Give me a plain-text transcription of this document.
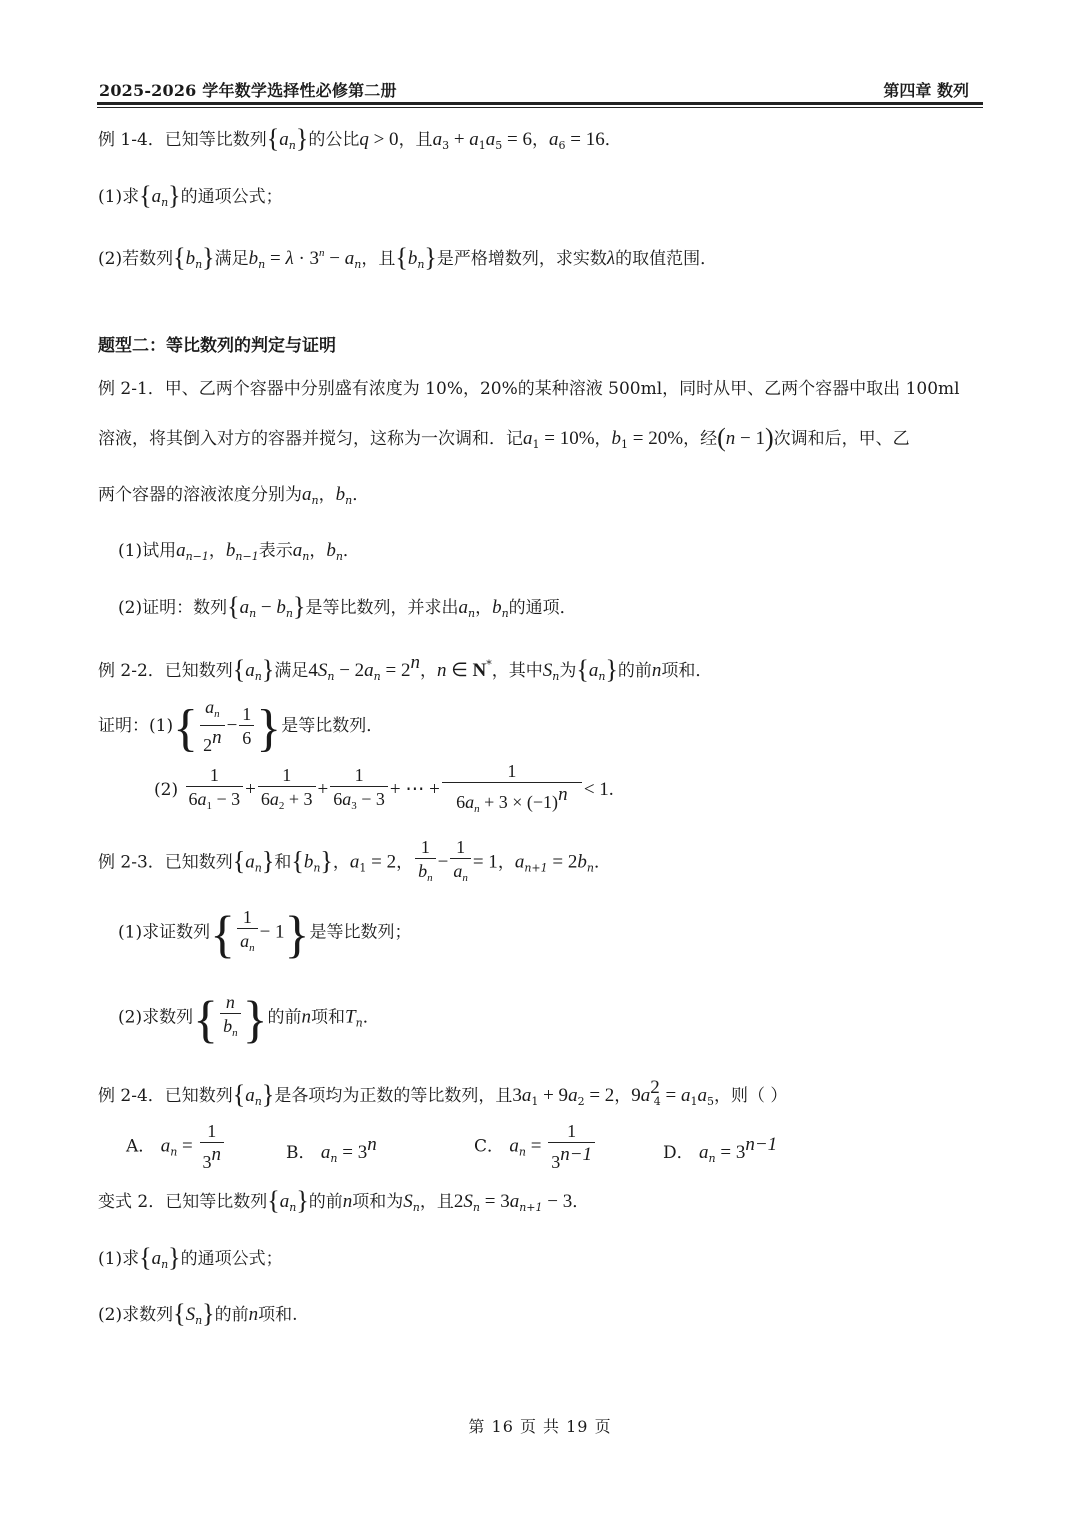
2025-2026 学年数学选择性必修第二册	第四章 数列
例 1-4．已知等比数列$\{a_n\}$的公比q > 0，且$a_3 + a_1a_5 = 6$，$a_6 = 16$．
(1)求$\{a_n\}$的通项公式；
(2)若数列$\{b_n\}$满足$b_n = \lambda \cdot 3^n - a_n$，且$\{b_n\}$是严格增数列，求实数λ的取值范围．
题型二：等比数列的判定与证明
例 2-1．甲、乙两个容器中分别盛有浓度为 10%，20%的某种溶液 500ml，同时从甲、乙两个容器中取出 100ml
溶液，将其倒入对方的容器并搅匀，这称为一次调和．记$a_1 = 10\%$，$b_1 = 20\%$，经(n − 1)次调和后，甲、乙
两个容器的溶液浓度分别为$a_n$，$b_n$．
(1)试用$a_{n-1}$，$b_{n-1}$表示$a_n$，$b_n$．
(2)证明：数列$\{a_n - b_n\}$是等比数列，并求出$a_n$，$b_n$的通项．
例 2-2．已知数列$\{a_n\}$满足$4S_n - 2a_n = 2^n$，n ∈ N*，其中$S_n$为$\{a_n\}$的前n项和．
证明：$(1)\{ \frac{a_n}{2^n} - \frac{1}{6}$ }是等比数列．
$(2) \frac{1}{6a_1 - 3} + \frac{1}{6a_2 + 3} + \frac{1}{6a_3 - 3}$ + ⋯ + $\frac{1}{6a_n + 3 \times (-1)^n} < 1$.
例 2-3．已知数列$\{a_n\}$和$\{b_n\}$，$a_1 = 2$， $\frac{1}{b_n} - \frac{1}{a_n} = 1$，$a_{n+1} = 2b_n$．
(1)求证数列{ $\frac{1}{a_n} - 1$}是等比数列；
(2)求数列{ $\frac{n}{b_n}$ }的前n项和$T_n$．
例 2-4．已知数列$\{a_n\}$是各项均为正数的等比数列，且$3a_1 + 9a_2 = 2$，$9a^2_4 = a_1a_5$，则（ ）
A． $a_n = \frac{1}{3^n}$	B． $a_n = 3^n$	C． $a_n = \frac{1}{3^{n-1}}$	D． $a_n = 3^{n-1}$
变式 2．已知等比数列$\{a_n\}$的前n项和为$S_n$，且$2S_n = 3a_{n+1} - 3$．
(1)求$\{a_n\}$的通项公式；
(2)求数列$\{S_n\}$的前n项和.
第 16 页 共 19 页
